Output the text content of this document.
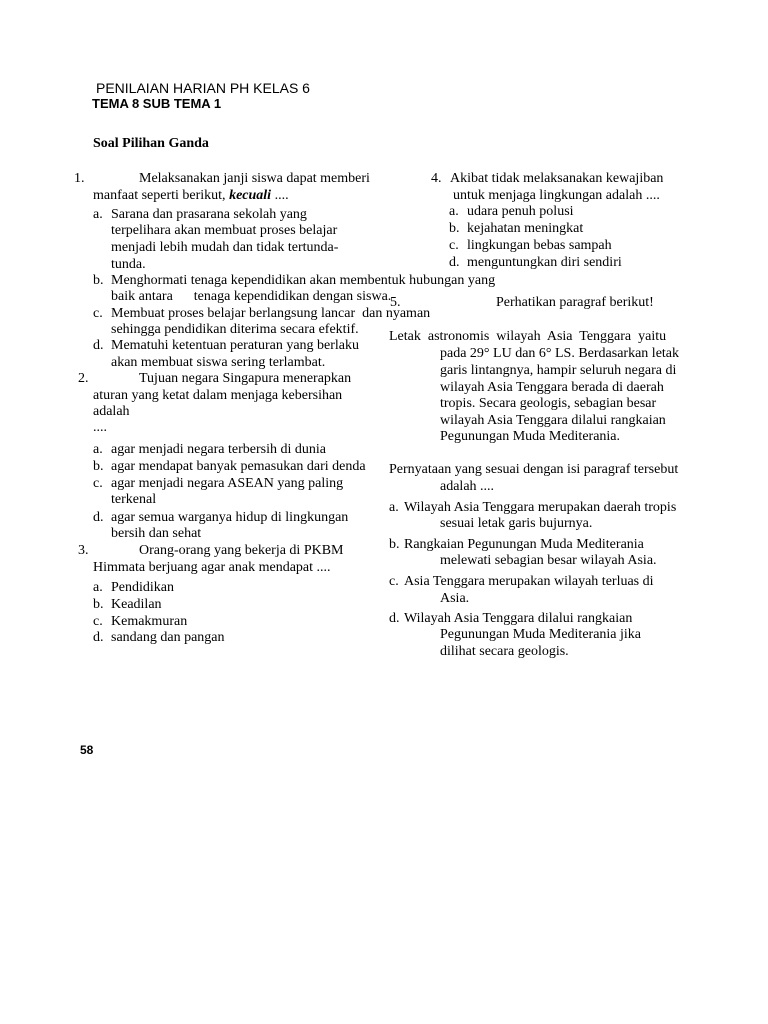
PENILAIAN HARIAN PH KELAS 6
TEMA 8 SUB TEMA 1
Soal Pilihan Ganda
1.	Melaksanakan janji siswa dapat memberi
manfaat seperti berikut, kecuali ....
a. Sarana dan prasarana sekolah yang
terpelihara akan membuat proses belajar
menjadi lebih mudah dan tidak tertunda-
tunda.
b. Menghormati tenaga kependidikan akan membentuk hubungan yang
baik antara      tenaga kependidikan dengan siswa.
c. Membuat proses belajar berlangsung lancar  dan nyaman
sehingga pendidikan diterima secara efektif.
d. Mematuhi ketentuan peraturan yang berlaku
akan membuat siswa sering terlambat.
2.	Tujuan negara Singapura menerapkan
aturan yang ketat dalam menjaga kebersihan
adalah
....
a. agar menjadi negara terbersih di dunia
b. agar mendapat banyak pemasukan dari denda
c. agar menjadi negara ASEAN yang paling
terkenal
d. agar semua warganya hidup di lingkungan
bersih dan sehat
3.	Orang-orang yang bekerja di PKBM
Himmata berjuang agar anak mendapat ....
a. Pendidikan
b. Keadilan
c. Kemakmuran
d. sandang dan pangan
4. Akibat tidak melaksanakan kewajiban
untuk menjaga lingkungan adalah ....
a. udara penuh polusi
b. kejahatan meningkat
c. lingkungan bebas sampah
d. menguntungkan diri sendiri
5.	Perhatikan paragraf berikut!
Letak  astronomis  wilayah  Asia  Tenggara  yaitu
pada 29° LU dan 6° LS. Berdasarkan letak
garis lintangnya, hampir seluruh negara di
wilayah Asia Tenggara berada di daerah
tropis. Secara geologis, sebagian besar
wilayah Asia Tenggara dilalui rangkaian
Pegunungan Muda Mediterania.
Pernyataan yang sesuai dengan isi paragraf tersebut
adalah ....
a. Wilayah Asia Tenggara merupakan daerah tropis
sesuai letak garis bujurnya.
b. Rangkaian Pegunungan Muda Mediterania
melewati sebagian besar wilayah Asia.
c. Asia Tenggara merupakan wilayah terluas di
Asia.
d. Wilayah Asia Tenggara dilalui rangkaian
Pegunungan Muda Mediterania jika
dilihat secara geologis.
58
